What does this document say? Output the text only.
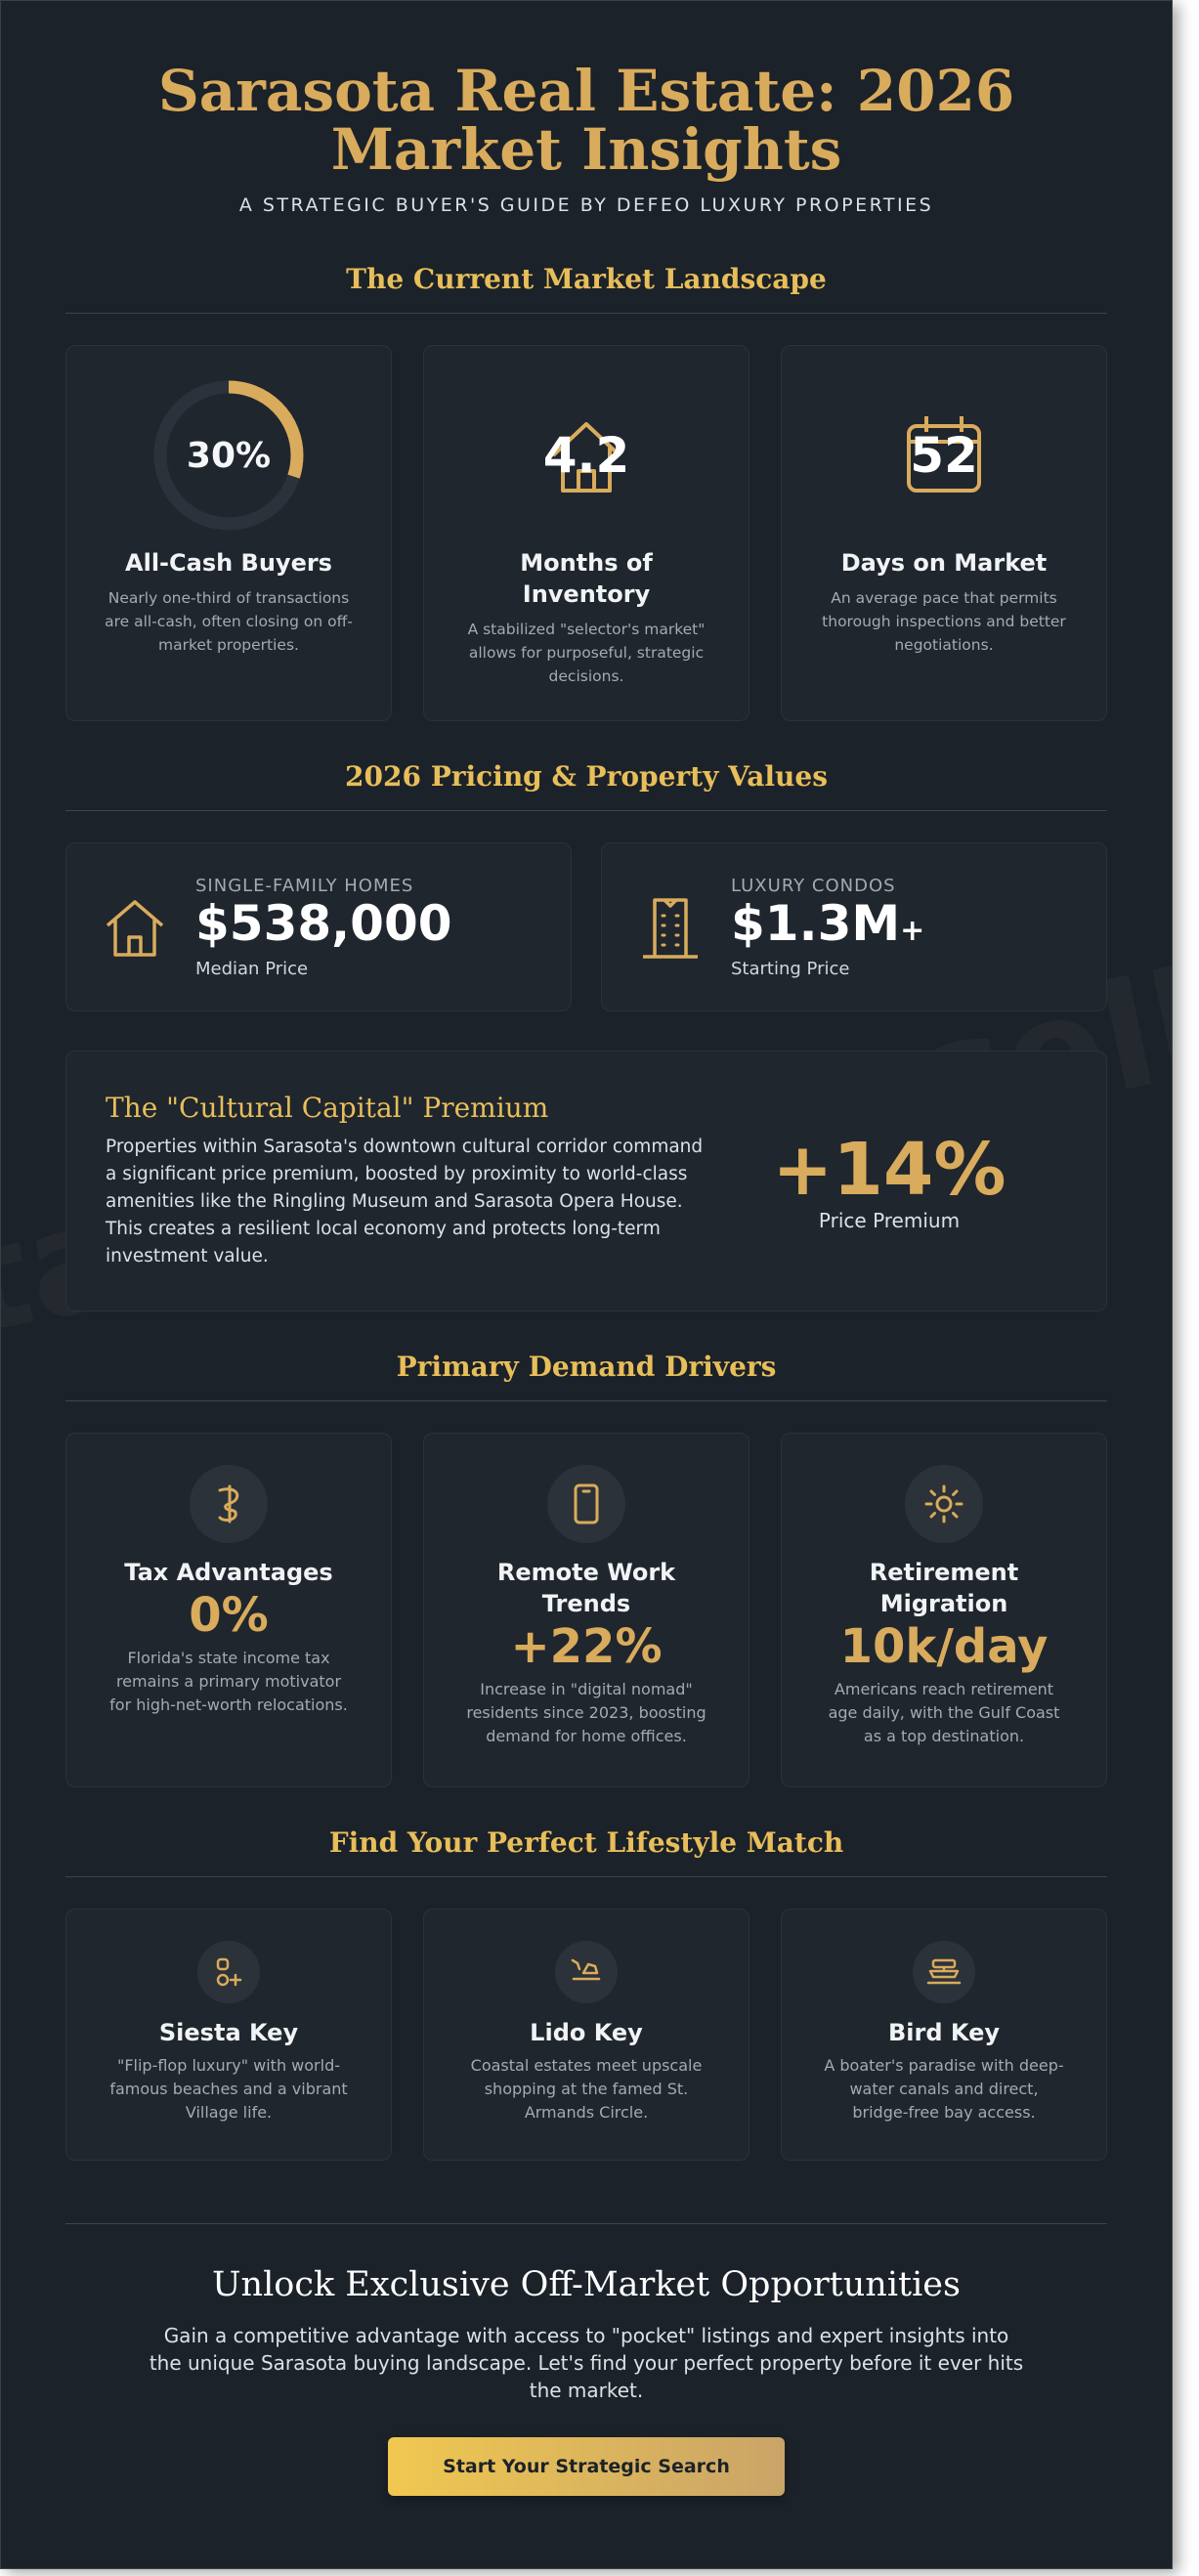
Sarasota Real Estate: 2026 Market Insights
A STRATEGIC BUYER'S GUIDE BY DEFEO LUXURY PROPERTIES
The Current Market Landscape
30%
All-Cash Buyers
Nearly one-third of transactions are all-cash, often closing on off-market properties.
4.2
Months of Inventory
A stabilized "selector's market" allows for purposeful, strategic decisions.
52
Days on Market
An average pace that permits thorough inspections and better negotiations.
2026 Pricing & Property Values
SINGLE-FAMILY HOMES
$538,000
Median Price
LUXURY CONDOS
$1.3M+
Starting Price
The "Cultural Capital" Premium
Properties within Sarasota's downtown cultural corridor command a significant price premium, boosted by proximity to world-class amenities like the Ringling Museum and Sarasota Opera House. This creates a resilient local economy and protects long-term investment value.
+14%
Price Premium
Primary Demand Drivers
Tax Advantages
0%
Florida's state income tax remains a primary motivator for high-net-worth relocations.
Remote Work Trends
+22%
Increase in "digital nomad" residents since 2023, boosting demand for home offices.
Retirement Migration
10k/day
Americans reach retirement age daily, with the Gulf Coast as a top destination.
Find Your Perfect Lifestyle Match
Siesta Key
"Flip-flop luxury" with world-famous beaches and a vibrant Village life.
Lido Key
Coastal estates meet upscale shopping at the famed St. Armands Circle.
Bird Key
A boater's paradise with deep-water canals and direct, bridge-free bay access.
Unlock Exclusive Off-Market Opportunities
Gain a competitive advantage with access to "pocket" listings and expert insights into the unique Sarasota buying landscape. Let's find your perfect property before it ever hits the market.
Start Your Strategic Search
